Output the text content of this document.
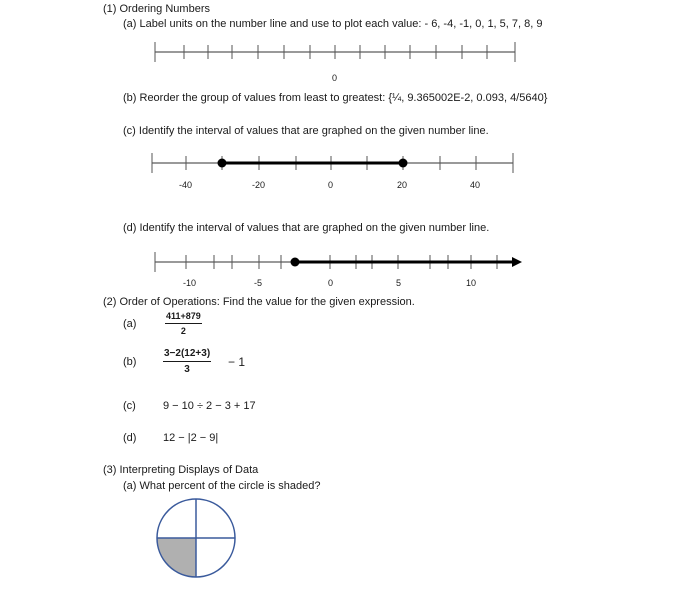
(1) Ordering Numbers
(a) Label units on the number line and use to plot each value: - 6, -4, -1, 0, 1, 5, 7, 8, 9
0
(b) Reorder the group of values from least to greatest: {¼, 9.365002E-2, 0.093, 4/5640}
(c) Identify the interval of values that are graphed on the given number line.
-40	-20	0	20	40
(d) Identify the interval of values that are graphed on the given number line.
-10	-5	0	5	10
(2) Order of Operations: Find the value for the given expression.
(a)	$\frac{411+879}{2}$
(b)	$\frac{3-2(12+3)}{3} - 1$
(c) 9 − 10 ÷ 2 − 3 + 17
(d) 12 − |2 − 9|
(3) Interpreting Displays of Data
(a) What percent of the circle is shaded?
